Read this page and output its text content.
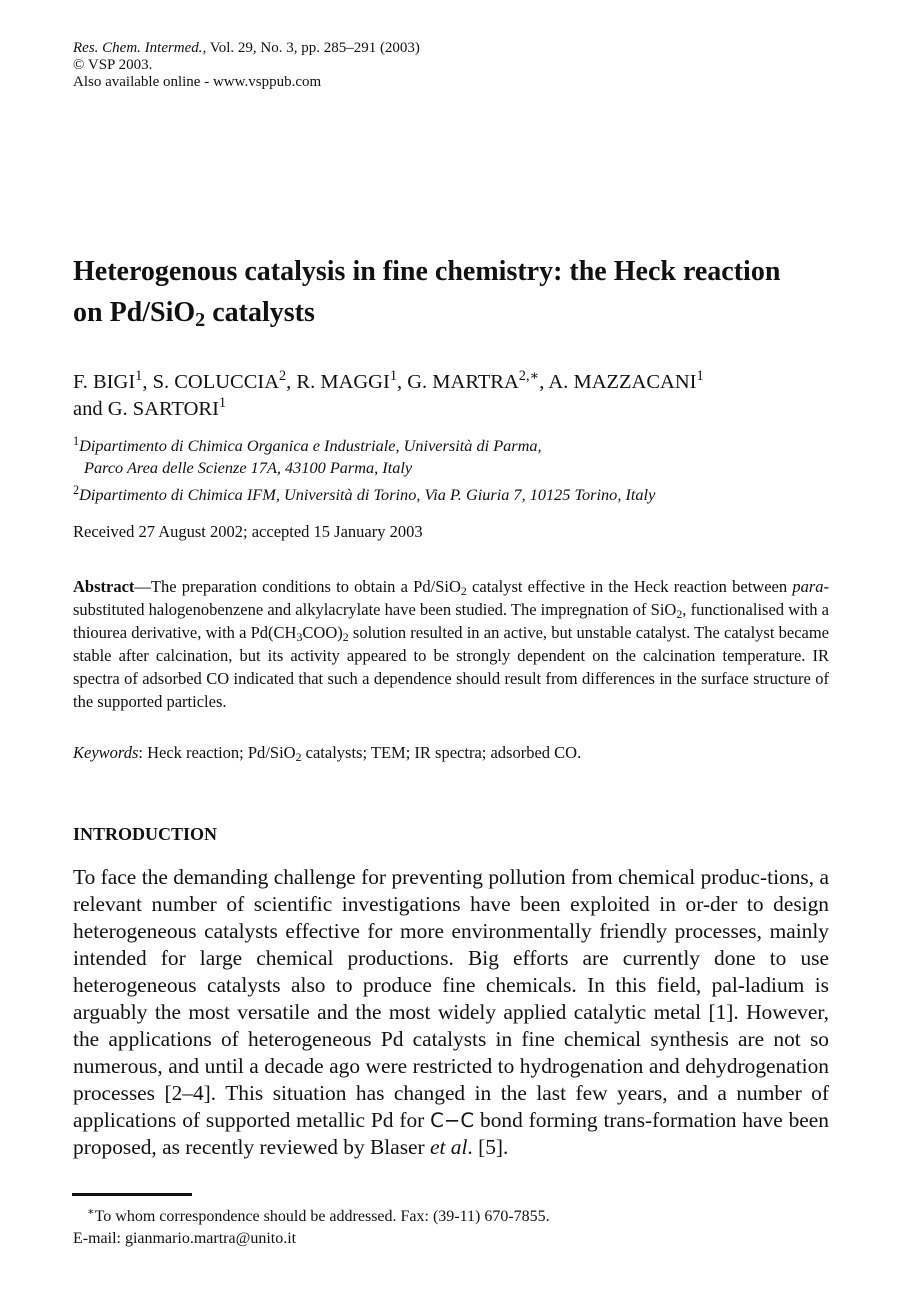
Res. Chem. Intermed., Vol. 29, No. 3, pp. 285–291 (2003)
© VSP 2003.
Also available online - www.vsppub.com
Heterogenous catalysis in fine chemistry: the Heck reaction
on Pd/SiO$_2$ catalysts
F. BIGI$^1$, S. COLUCCIA$^2$, R. MAGGI$^1$, G. $MARTRA^{2,∗}$, A. MAZZACANI$^1$
and G. SARTORI$^1$
$^1$Dipartimento di Chimica Organica e Industriale, Università di Parma,
Parco Area delle Scienze 17A, 43100 Parma, Italy
$^2$Dipartimento di Chimica IFM, Università di Torino, Via P. Giuria 7, 10125 Torino, Italy
Received 27 August 2002; accepted 15 January 2003
Abstract—The preparation conditions to obtain a Pd/SiO$_2$ catalyst effective in the Heck reaction between para-substituted halogenobenzene and alkylacrylate have been studied. The impregnation of SiO$_2$, functionalised with a thiourea derivative, with a $Pd(CH_3COO)_2$ solution resulted in an active, but unstable catalyst. The catalyst became stable after calcination, but its activity appeared to be strongly dependent on the calcination temperature. IR spectra of adsorbed CO indicated that such a dependence should result from differences in the surface structure of the supported particles.
Keywords: Heck reaction; Pd/SiO$_2$ catalysts; TEM; IR spectra; adsorbed CO.
INTRODUCTION
To face the demanding challenge for preventing pollution from chemical produc-tions, a relevant number of scientific investigations have been exploited in or-der to design heterogeneous catalysts effective for more environmentally friendly processes, mainly intended for large chemical productions. Big efforts are currently done to use heterogeneous catalysts also to produce fine chemicals. In this field, pal-ladium is arguably the most versatile and the most widely applied catalytic metal [1]. However, the applications of heterogeneous Pd catalysts in fine chemical synthesis are not so numerous, and until a decade ago were restricted to hydrogenation and dehydrogenation processes [2–4]. This situation has changed in the last few years, and a number of applications of supported metallic Pd for C−C bond forming trans-formation have been proposed, as recently reviewed by Blaser et al. [5].
∗To whom correspondence should be addressed. Fax: (39-11) 670-7855.
E-mail: gianmario.martra@unito.it
